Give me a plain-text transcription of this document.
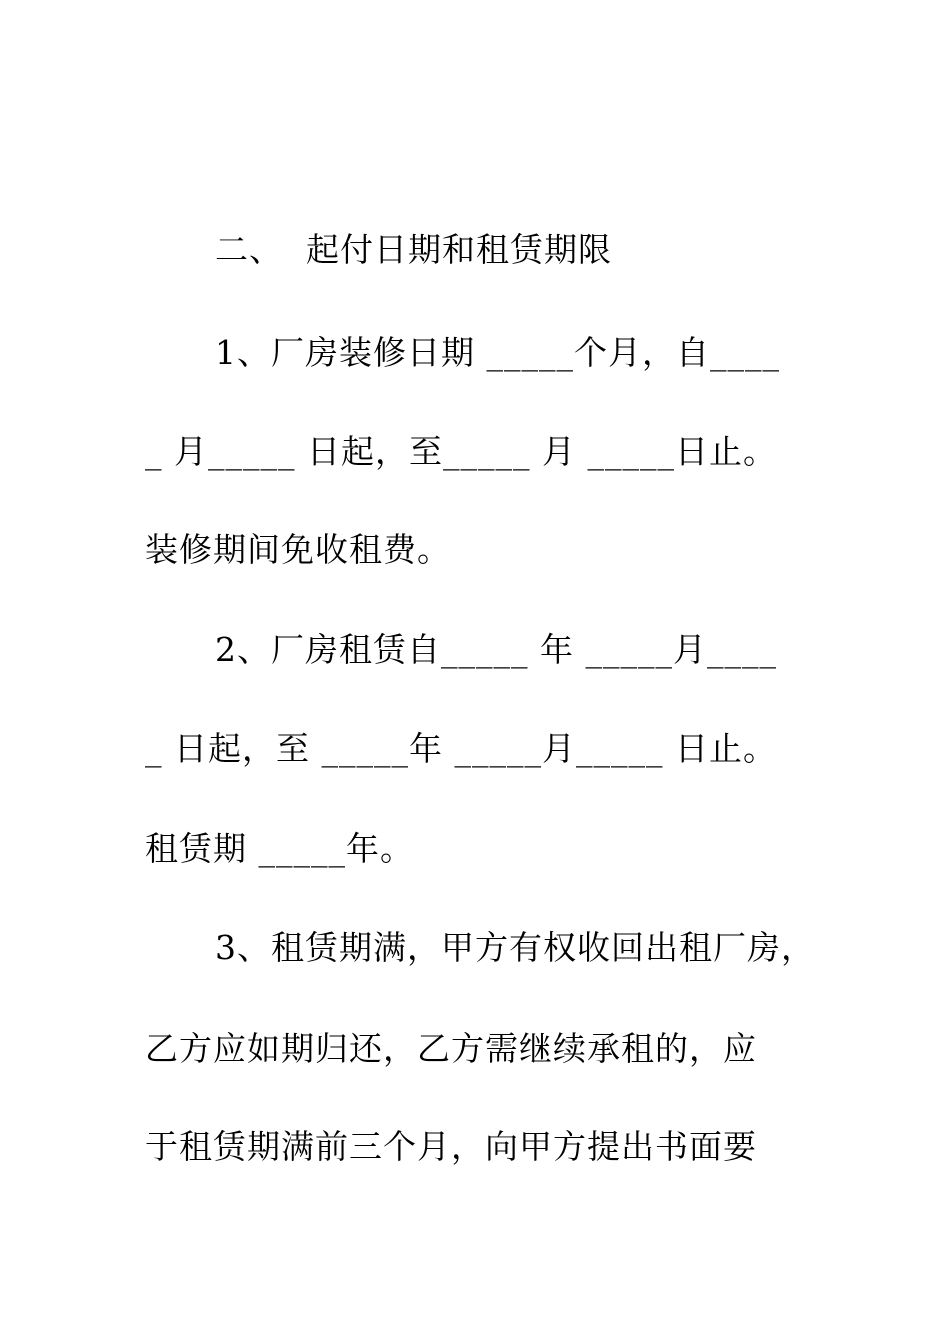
二、  起付日期和租赁期限
1、厂房装修日期 _____个月，自____
_ 月_____ 日起，至_____ 月 _____日止。
装修期间免收租费。
2、厂房租赁自_____ 年 _____月____
_ 日起，至 _____年 _____月_____ 日止。
租赁期 _____年。
3、租赁期满，甲方有权收回出租厂房，
乙方应如期归还，乙方需继续承租的，应
于租赁期满前三个月，向甲方提出书面要
